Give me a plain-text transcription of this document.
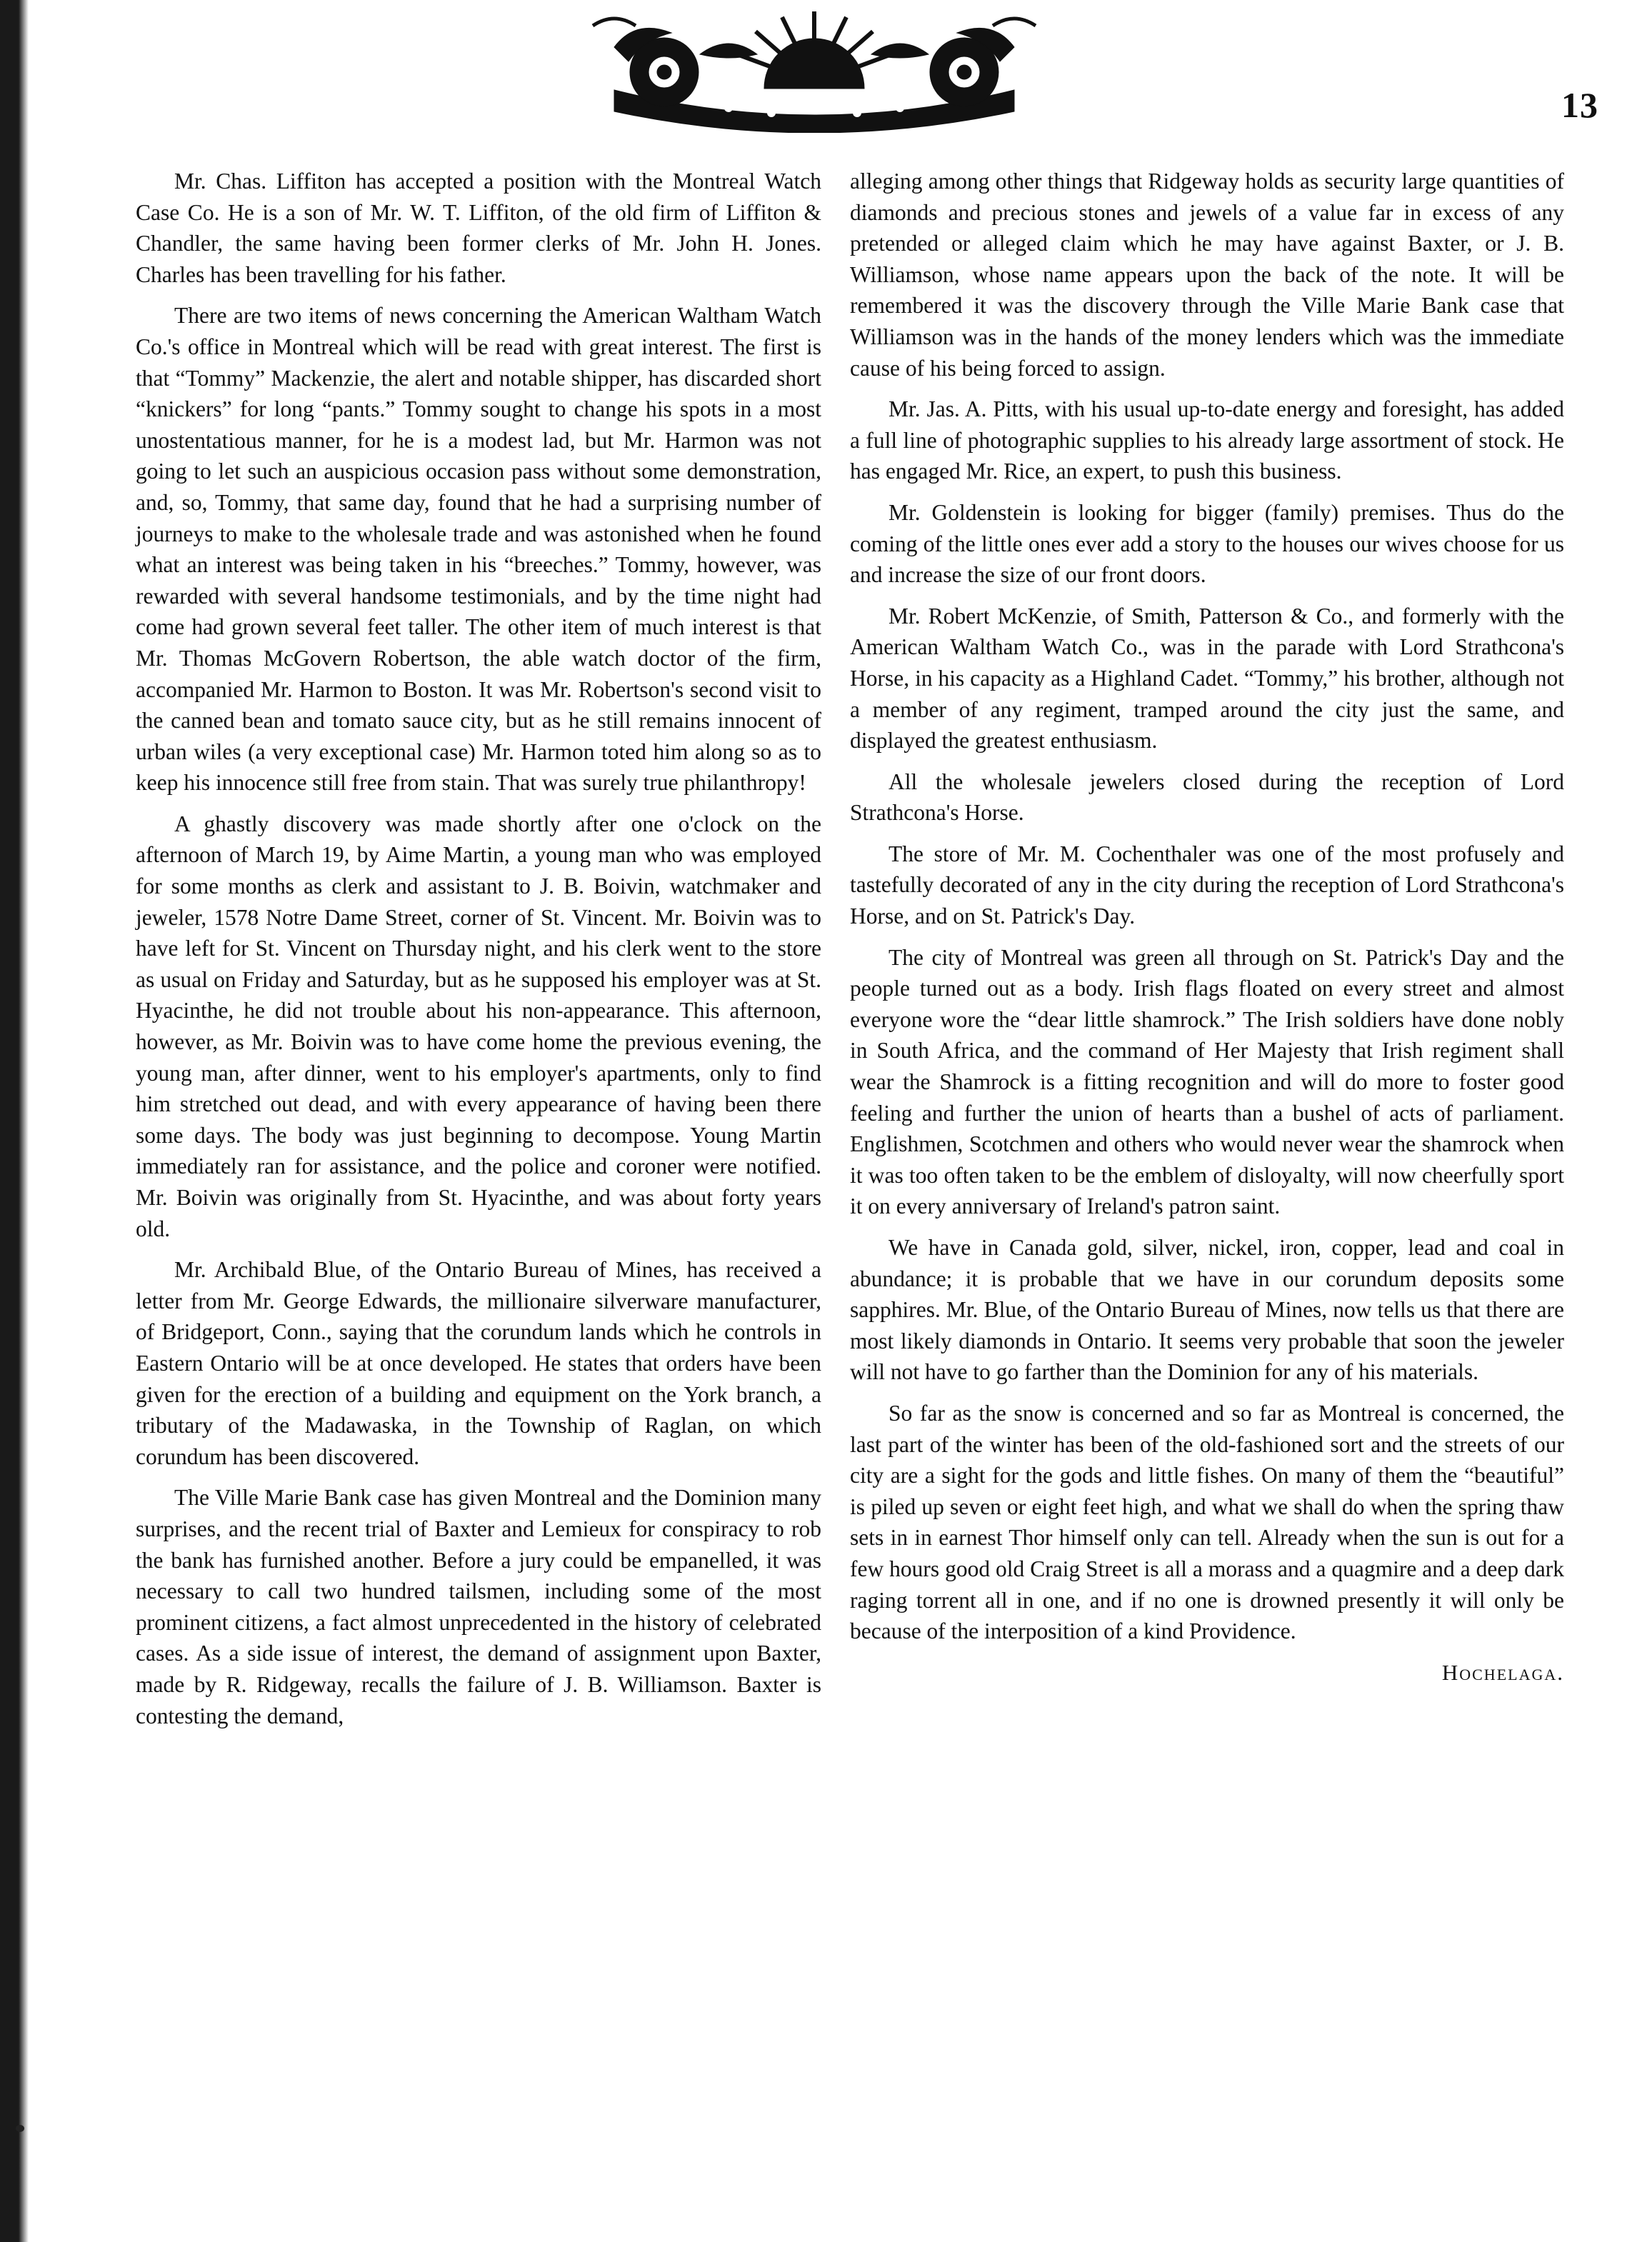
13

Mr. Chas. Liffiton has accepted a position with the Montreal Watch Case Co. He is a son of Mr. W. T. Liffiton, of the old firm of Liffiton & Chandler, the same having been former clerks of Mr. John H. Jones. Charles has been travelling for his father.

There are two items of news concerning the American Waltham Watch Co.'s office in Montreal which will be read with great interest. The first is that “Tommy” Mackenzie, the alert and notable shipper, has discarded short “knickers” for long “pants.” Tommy sought to change his spots in a most unostentatious manner, for he is a modest lad, but Mr. Harmon was not going to let such an auspicious occasion pass without some demonstration, and, so, Tommy, that same day, found that he had a surprising number of journeys to make to the wholesale trade and was astonished when he found what an interest was being taken in his “breeches.” Tommy, however, was rewarded with several handsome testimonials, and by the time night had come had grown several feet taller. The other item of much interest is that Mr. Thomas McGovern Robertson, the able watch doctor of the firm, accompanied Mr. Harmon to Boston. It was Mr. Robertson's second visit to the canned bean and tomato sauce city, but as he still remains innocent of urban wiles (a very exceptional case) Mr. Harmon toted him along so as to keep his innocence still free from stain. That was surely true philanthropy!

A ghastly discovery was made shortly after one o'clock on the afternoon of March 19, by Aime Martin, a young man who was employed for some months as clerk and assistant to J. B. Boivin, watchmaker and jeweler, 1578 Notre Dame Street, corner of St. Vincent. Mr. Boivin was to have left for St. Vincent on Thursday night, and his clerk went to the store as usual on Friday and Saturday, but as he supposed his employer was at St. Hyacinthe, he did not trouble about his non-appearance. This afternoon, however, as Mr. Boivin was to have come home the previous evening, the young man, after dinner, went to his employer's apartments, only to find him stretched out dead, and with every appearance of having been there some days. The body was just beginning to decompose. Young Martin immediately ran for assistance, and the police and coroner were notified. Mr. Boivin was originally from St. Hyacinthe, and was about forty years old.

Mr. Archibald Blue, of the Ontario Bureau of Mines, has received a letter from Mr. George Edwards, the millionaire silverware manufacturer, of Bridgeport, Conn., saying that the corundum lands which he controls in Eastern Ontario will be at once developed. He states that orders have been given for the erection of a building and equipment on the York branch, a tributary of the Madawaska, in the Township of Raglan, on which corundum has been discovered.

The Ville Marie Bank case has given Montreal and the Dominion many surprises, and the recent trial of Baxter and Lemieux for conspiracy to rob the bank has furnished another. Before a jury could be empanelled, it was necessary to call two hundred tailsmen, including some of the most prominent citizens, a fact almost unprecedented in the history of celebrated cases. As a side issue of interest, the demand of assignment upon Baxter, made by R. Ridgeway, recalls the failure of J. B. Williamson. Baxter is contesting the demand,

alleging among other things that Ridgeway holds as security large quantities of diamonds and precious stones and jewels of a value far in excess of any pretended or alleged claim which he may have against Baxter, or J. B. Williamson, whose name appears upon the back of the note. It will be remembered it was the discovery through the Ville Marie Bank case that Williamson was in the hands of the money lenders which was the immediate cause of his being forced to assign.

Mr. Jas. A. Pitts, with his usual up-to-date energy and foresight, has added a full line of photographic supplies to his already large assortment of stock. He has engaged Mr. Rice, an expert, to push this business.

Mr. Goldenstein is looking for bigger (family) premises. Thus do the coming of the little ones ever add a story to the houses our wives choose for us and increase the size of our front doors.

Mr. Robert McKenzie, of Smith, Patterson & Co., and formerly with the American Waltham Watch Co., was in the parade with Lord Strathcona's Horse, in his capacity as a Highland Cadet. “Tommy,” his brother, although not a member of any regiment, tramped around the city just the same, and displayed the greatest enthusiasm.

All the wholesale jewelers closed during the reception of Lord Strathcona's Horse.

The store of Mr. M. Cochenthaler was one of the most profusely and tastefully decorated of any in the city during the reception of Lord Strathcona's Horse, and on St. Patrick's Day.

The city of Montreal was green all through on St. Patrick's Day and the people turned out as a body. Irish flags floated on every street and almost everyone wore the “dear little shamrock.” The Irish soldiers have done nobly in South Africa, and the command of Her Majesty that Irish regiment shall wear the Shamrock is a fitting recognition and will do more to foster good feeling and further the union of hearts than a bushel of acts of parliament. Englishmen, Scotchmen and others who would never wear the shamrock when it was too often taken to be the emblem of disloyalty, will now cheerfully sport it on every anniversary of Ireland's patron saint.

We have in Canada gold, silver, nickel, iron, copper, lead and coal in abundance; it is probable that we have in our corundum deposits some sapphires. Mr. Blue, of the Ontario Bureau of Mines, now tells us that there are most likely diamonds in Ontario. It seems very probable that soon the jeweler will not have to go farther than the Dominion for any of his materials.

So far as the snow is concerned and so far as Montreal is concerned, the last part of the winter has been of the old-fashioned sort and the streets of our city are a sight for the gods and little fishes. On many of them the “beautiful” is piled up seven or eight feet high, and what we shall do when the spring thaw sets in in earnest Thor himself only can tell. Already when the sun is out for a few hours good old Craig Street is all a morass and a quagmire and a deep dark raging torrent all in one, and if no one is drowned presently it will only be because of the interposition of a kind Providence.

Hochelaga.
